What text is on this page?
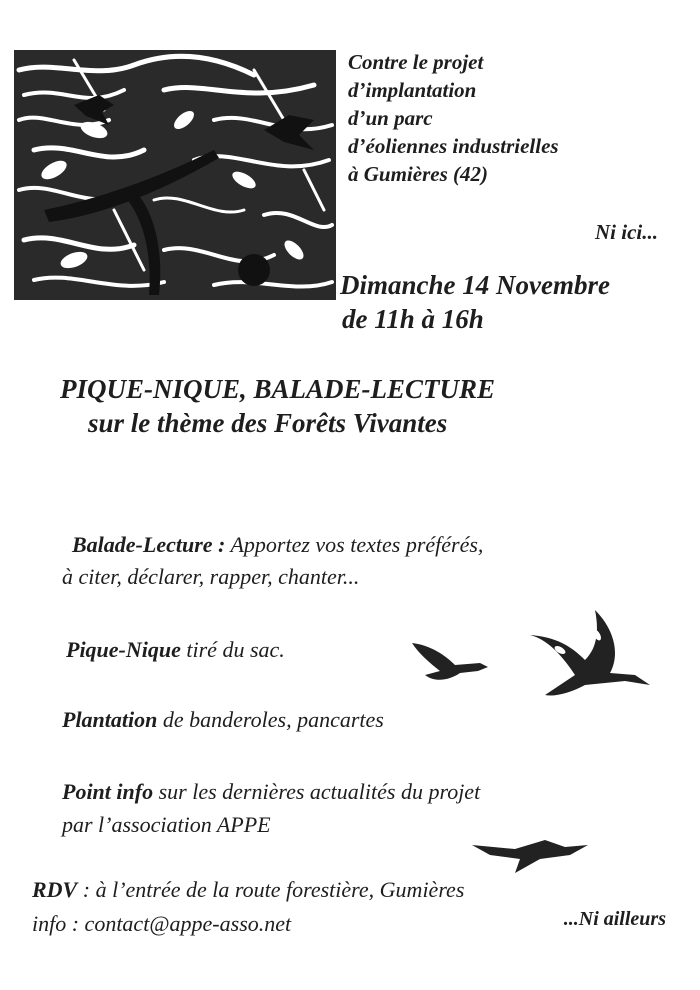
Contre le projet
d’implantation
d’un parc
d’éoliennes industrielles
à Gumières (42)
Ni ici...
Dimanche 14 Novembre
de 11h à 16h
PIQUE-NIQUE, BALADE-LECTURE
sur le thème des Forêts Vivantes
Balade-Lecture : Apportez vos textes préférés,
à citer, déclarer, rapper, chanter...
Pique-Nique tiré du sac.
Plantation de banderoles, pancartes
Point info sur les dernières actualités du projet
par l’association APPE
RDV : à l’entrée de la route forestière, Gumières
info : contact@appe-asso.net	...Ni ailleurs
